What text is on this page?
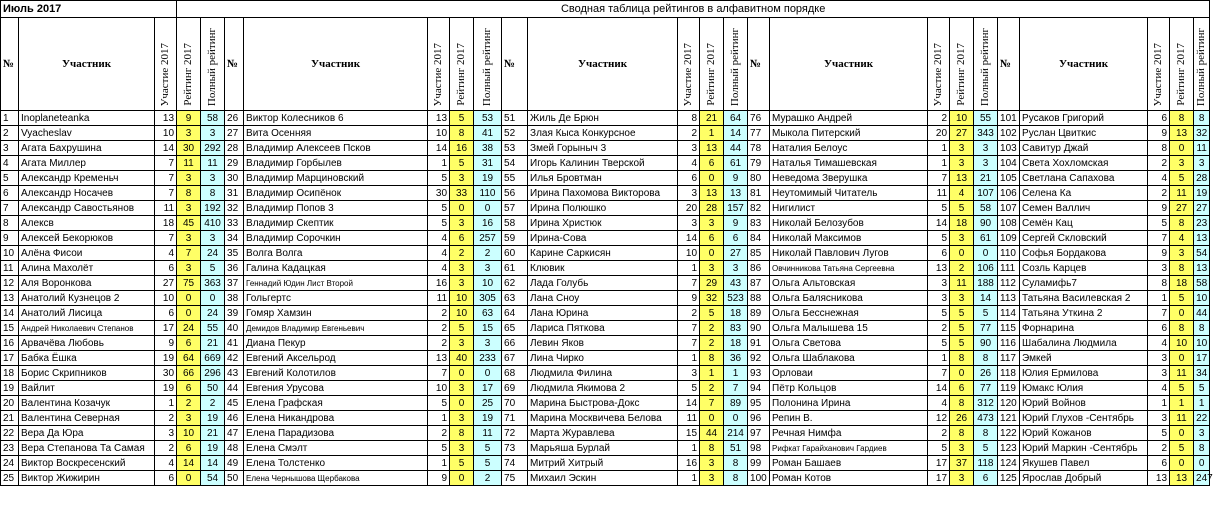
Июль 2017			Сводная таблица рейтингов в алфавитном порядке																					
№	Участник	Участие 2017	Рейтинг 2017	Полный рейтинг	№	Участник	Участие 2017	Рейтинг 2017	Полный рейтинг	№	Участник	Участие 2017	Рейтинг 2017	Полный рейтинг	№	Участник	Участие 2017	Рейтинг 2017	Полный рейтинг	№	Участник	Участие 2017	Рейтинг 2017	Полный рейтинг

1	Inoplaneteanka	13	9	58	26	Виктор Колесников 6	13	5	53	51	Жиль Де Брюн	8	21	64	76	Мурашко Андрей	2	10	55	101	Русаков Григорий	6	8	8
2	Vyacheslav	10	3	3	27	Вита Осенняя	10	8	41	52	Злая Кыса Конкурсное	2	1	14	77	Мыкола Питерский	20	27	343	102	Руслан Цвиткис	9	13	32
3	Агата Бахрушина	14	30	292	28	Владимир Алексеев Псков	14	16	38	53	Змей Горыныч 3	3	13	44	78	Наталия Белоус	1	3	3	103	Савитур Джай	8	0	11
4	Агата Миллер	7	11	11	29	Владимир Горбылев	1	5	31	54	Игорь Калинин Тверской	4	6	61	79	Наталья Тимашевская	1	3	3	104	Света Хохломская	2	3	3
5	Александр Кременьч	7	3	3	30	Владимир Марциновский	5	3	19	55	Илья Бровтман	6	0	9	80	Неведома Зверушка	7	13	21	105	Светлана Сапахова	4	5	28
6	Александр Носачев	7	8	8	31	Владимир Осипёнок	30	33	110	56	Ирина Пахомова Викторова	3	13	13	81	Неутомимый Читатель	11	4	107	106	Селена Ка	2	11	19
7	Александр Савостьянов	11	3	192	32	Владимир Попов 3	5	0	0	57	Ирина Полюшко	20	28	157	82	Нигилист	5	5	58	107	Семен Валлич	9	27	27
8	Алексв	18	45	410	33	Владимир Скептик	5	3	16	58	Ирина Христюк	3	3	9	83	Николай Белозубов	14	18	90	108	Семён Кац	5	8	23
9	Алексей Бекорюков	7	3	3	34	Владимир Сорочкин	4	6	257	59	Ирина-Сова	14	6	6	84	Николай Максимов	5	3	61	109	Сергей Скловский	7	4	13
10	Алёна Фисои	4	7	24	35	Волга Волга	4	2	2	60	Карине Саркисян	10	0	27	85	Николай Павлович Лугов	6	0	0	110	Софья Бордакова	9	3	54
11	Алина Махолёт	6	3	5	36	Галина Кадацкая	4	3	3	61	Клювик	1	3	3	86	Овчинникова Татьяна Сергеевна	13	2	106	111	Созль Карцев	3	8	13
12	Аля Воронкова	27	75	363	37	Геннадий Юдин Лист Второй	16	3	10	62	Лада Голубь	7	29	43	87	Ольга Альтовская	3	11	188	112	Суламифь7	8	18	58
13	Анатолий Кузнецов 2	10	0	0	38	Гольгертс	11	10	305	63	Лана Сноу	9	32	523	88	Ольга Балясникова	3	3	14	113	Татьяна Василевская 2	1	5	10
14	Анатолий Лисица	6	0	24	39	Гомяр Хамзин	2	10	63	64	Лана Юрина	2	5	18	89	Ольга Бесснежная	5	5	5	114	Татьяна Уткина 2	7	0	44
15	Андрей Николаевич Степанов	17	24	55	40	Демидов Владимир Евгеньевич	2	5	15	65	Лариса Пяткова	7	2	83	90	Ольга Малышева 15	2	5	77	115	Форнарина	6	8	8
16	Арвачёва Любовь	9	6	21	41	Диана Пекур	2	3	3	66	Левин Яков	7	2	18	91	Ольга Светова	5	5	90	116	Шабалина Людмила	4	10	10
17	Бабка Ёшка	19	64	669	42	Евгений Аксельрод	13	40	233	67	Лина Чирко	1	8	36	92	Ольга Шаблакова	1	8	8	117	Эмкей	3	0	17
18	Борис Скрипников	30	66	296	43	Евгений Колотилов	7	0	0	68	Людмила Филина	3	1	1	93	Орловаи	7	0	26	118	Юлия Ермилова	3	11	34
19	Вайлит	19	6	50	44	Евгения Урусова	10	3	17	69	Людмила Якимова 2	5	2	7	94	Пётр Кольцов	14	6	77	119	Юмакс Юлия	4	5	5
20	Валентина Козачук	1	2	2	45	Елена Графская	5	0	25	70	Марина Быстрова-Докс	14	7	89	95	Полонина Ирина	4	8	312	120	Юрий Войнов	1	1	1
21	Валентина Северная	2	3	19	46	Елена Никандрова	1	3	19	71	Марина Москвичева Белова	11	0	0	96	Репин В.	12	26	473	121	Юрий Глухов -Сентябрь	3	11	22
22	Вера Да Юра	3	10	21	47	Елена Парадизова	2	8	11	72	Марта Журавлева	15	44	214	97	Речная Нимфа	2	8	8	122	Юрий Кожанов	5	0	3
23	Вера Степанова Та Самая	2	6	19	48	Елена Смэлт	5	3	5	73	Марьяша Бурлай	1	8	51	98	Рифкат Гарайханович Гардиев	5	3	5	123	Юрий Маркин -Сентябрь	2	5	8
24	Виктор Воскресенский	4	14	14	49	Елена Толстенко	1	5	5	74	Митрий Хитрый	16	3	8	99	Роман Башаев	17	37	118	124	Якушев Павел	6	0	0
25	Виктор Жижирин	6	0	54	50	Елена Чернышова Щербакова	9	0	2	75	Михаил Эскин	1	3	8	100	Роман Котов	17	3	6	125	Ярослав Добрый	13	13	247
